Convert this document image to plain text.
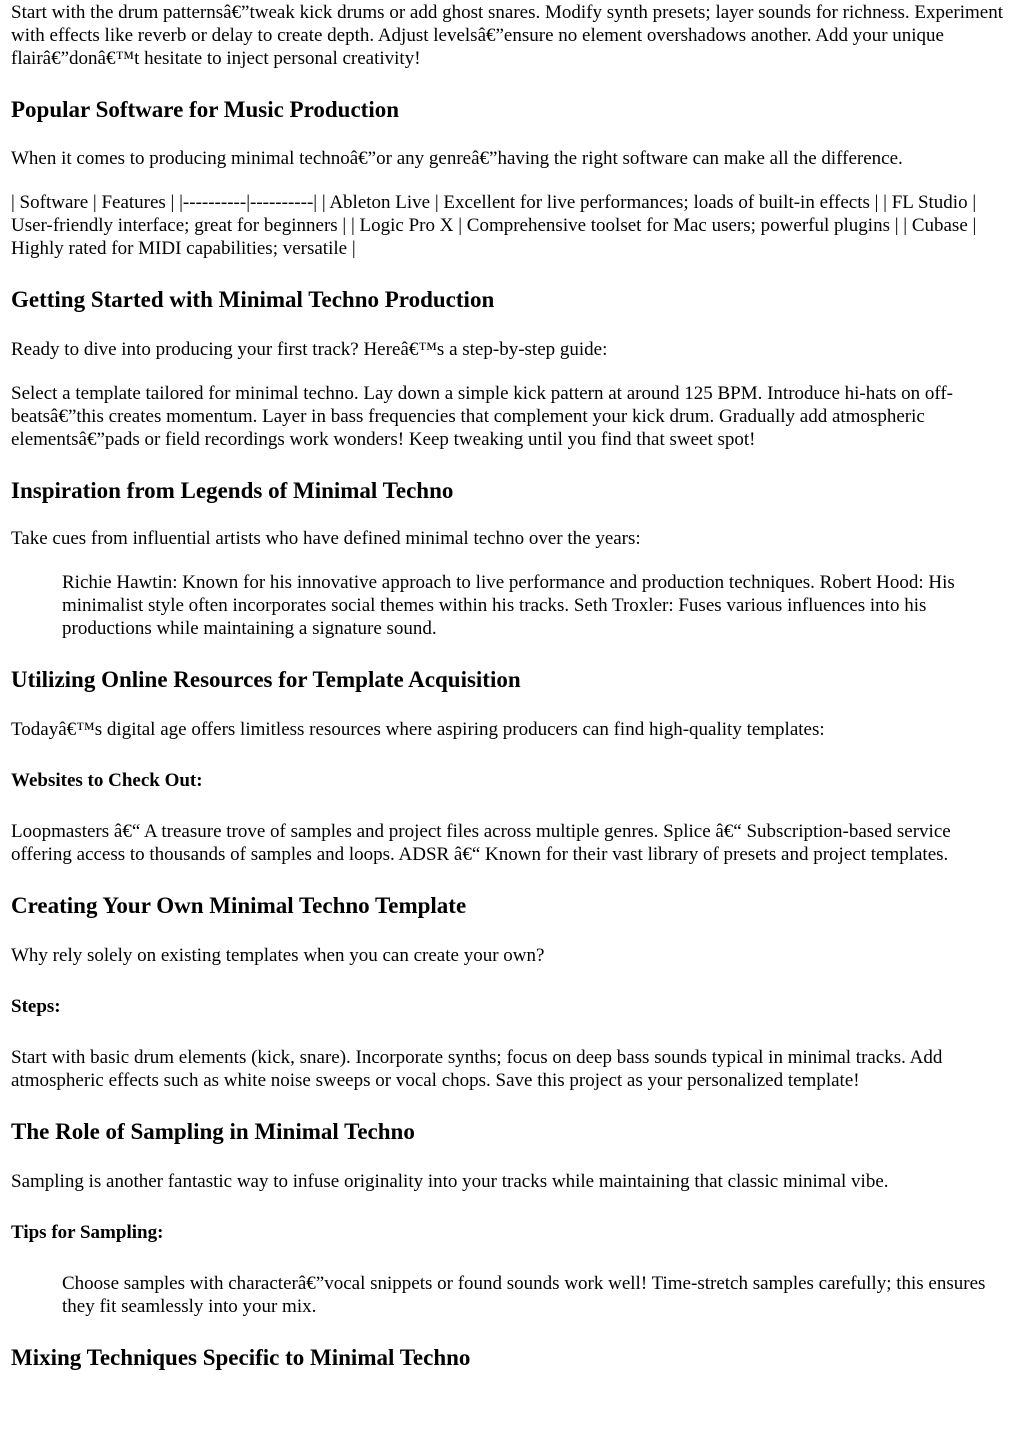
Start with the drum patternsâ€”tweak kick drums or add ghost snares. Modify synth presets; layer sounds for richness. Experiment with effects like reverb or delay to create depth. Adjust levelsâ€”ensure no element overshadows another. Add your unique flairâ€”donâ€™t hesitate to inject personal creativity!

Popular Software for Music Production

When it comes to producing minimal technoâ€”or any genreâ€”having the right software can make all the difference.

| Software | Features | |----------|----------| | Ableton Live | Excellent for live performances; loads of built-in effects | | FL Studio | User-friendly interface; great for beginners | | Logic Pro X | Comprehensive toolset for Mac users; powerful plugins | | Cubase | Highly rated for MIDI capabilities; versatile |

Getting Started with Minimal Techno Production

Ready to dive into producing your first track? Hereâ€™s a step-by-step guide:

Select a template tailored for minimal techno. Lay down a simple kick pattern at around 125 BPM. Introduce hi-hats on off-beatsâ€”this creates momentum. Layer in bass frequencies that complement your kick drum. Gradually add atmospheric elementsâ€”pads or field recordings work wonders! Keep tweaking until you find that sweet spot!

Inspiration from Legends of Minimal Techno

Take cues from influential artists who have defined minimal techno over the years:

Richie Hawtin: Known for his innovative approach to live performance and production techniques. Robert Hood: His minimalist style often incorporates social themes within his tracks. Seth Troxler: Fuses various influences into his productions while maintaining a signature sound.
Utilizing Online Resources for Template Acquisition

Todayâ€™s digital age offers limitless resources where aspiring producers can find high-quality templates:

Websites to Check Out:

Loopmasters â€“ A treasure trove of samples and project files across multiple genres. Splice â€“ Subscription-based service offering access to thousands of samples and loops. ADSR â€“ Known for their vast library of presets and project templates.

Creating Your Own Minimal Techno Template

Why rely solely on existing templates when you can create your own?

Steps:

Start with basic drum elements (kick, snare). Incorporate synths; focus on deep bass sounds typical in minimal tracks. Add atmospheric effects such as white noise sweeps or vocal chops. Save this project as your personalized template!

The Role of Sampling in Minimal Techno

Sampling is another fantastic way to infuse originality into your tracks while maintaining that classic minimal vibe.

Tips for Sampling:
Choose samples with characterâ€”vocal snippets or found sounds work well! Time-stretch samples carefully; this ensures they fit seamlessly into your mix.
Mixing Techniques Specific to Minimal Techno
